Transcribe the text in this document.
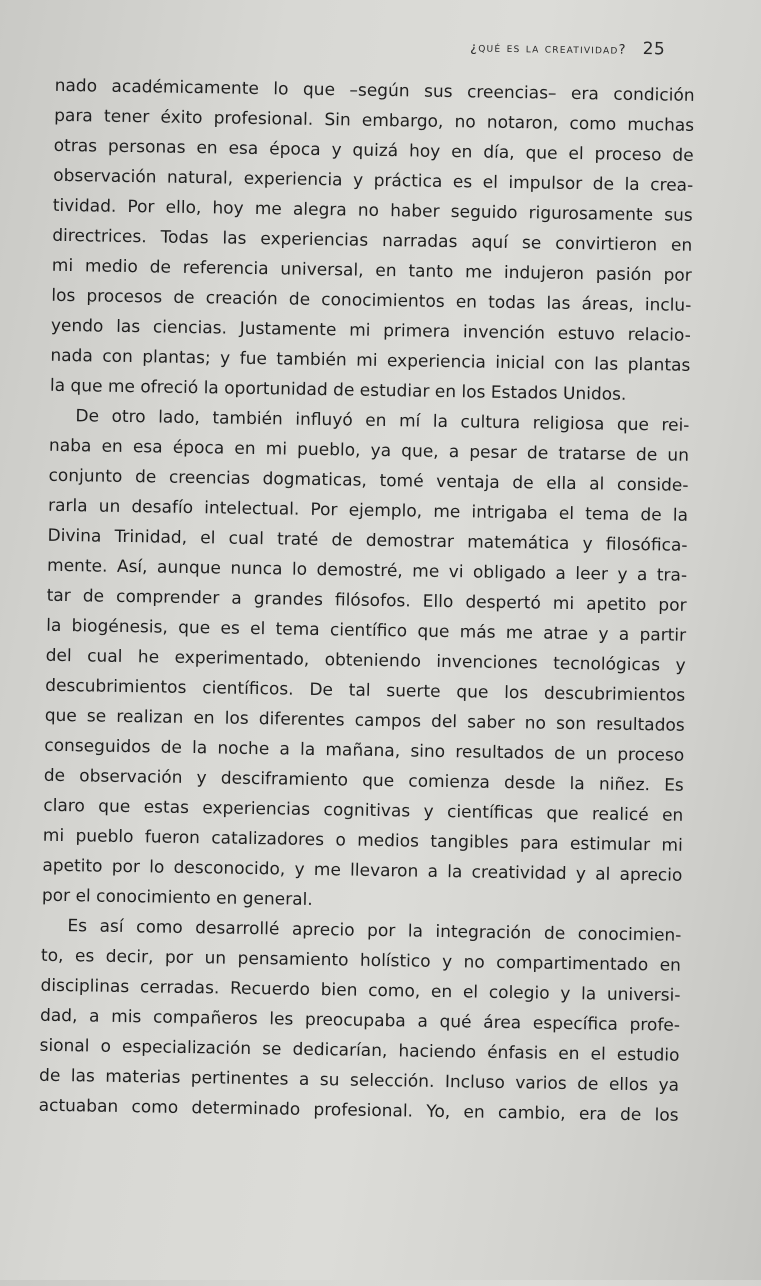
¿qué es la creatividad? 25
nado académicamente lo que –según sus creencias– era condición
para tener éxito profesional. Sin embargo, no notaron, como muchas
otras personas en esa época y quizá hoy en día, que el proceso de
observación natural, experiencia y práctica es el impulsor de la crea-
tividad. Por ello, hoy me alegra no haber seguido rigurosamente sus
directrices. Todas las experiencias narradas aquí se convirtieron en
mi medio de referencia universal, en tanto me indujeron pasión por
los procesos de creación de conocimientos en todas las áreas, inclu-
yendo las ciencias. Justamente mi primera invención estuvo relacio-
nada con plantas; y fue también mi experiencia inicial con las plantas
la que me ofreció la oportunidad de estudiar en los Estados Unidos.
De otro lado, también influyó en mí la cultura religiosa que rei-
naba en esa época en mi pueblo, ya que, a pesar de tratarse de un
conjunto de creencias dogmaticas, tomé ventaja de ella al conside-
rarla un desafío intelectual. Por ejemplo, me intrigaba el tema de la
Divina Trinidad, el cual traté de demostrar matemática y filosófica-
mente. Así, aunque nunca lo demostré, me vi obligado a leer y a tra-
tar de comprender a grandes filósofos. Ello despertó mi apetito por
la biogénesis, que es el tema científico que más me atrae y a partir
del cual he experimentado, obteniendo invenciones tecnológicas y
descubrimientos científicos. De tal suerte que los descubrimientos
que se realizan en los diferentes campos del saber no son resultados
conseguidos de la noche a la mañana, sino resultados de un proceso
de observación y desciframiento que comienza desde la niñez. Es
claro que estas experiencias cognitivas y científicas que realicé en
mi pueblo fueron catalizadores o medios tangibles para estimular mi
apetito por lo desconocido, y me llevaron a la creatividad y al aprecio
por el conocimiento en general.
Es así como desarrollé aprecio por la integración de conocimien-
to, es decir, por un pensamiento holístico y no compartimentado en
disciplinas cerradas. Recuerdo bien como, en el colegio y la universi-
dad, a mis compañeros les preocupaba a qué área específica profe-
sional o especialización se dedicarían, haciendo énfasis en el estudio
de las materias pertinentes a su selección. Incluso varios de ellos ya
actuaban como determinado profesional. Yo, en cambio, era de los
